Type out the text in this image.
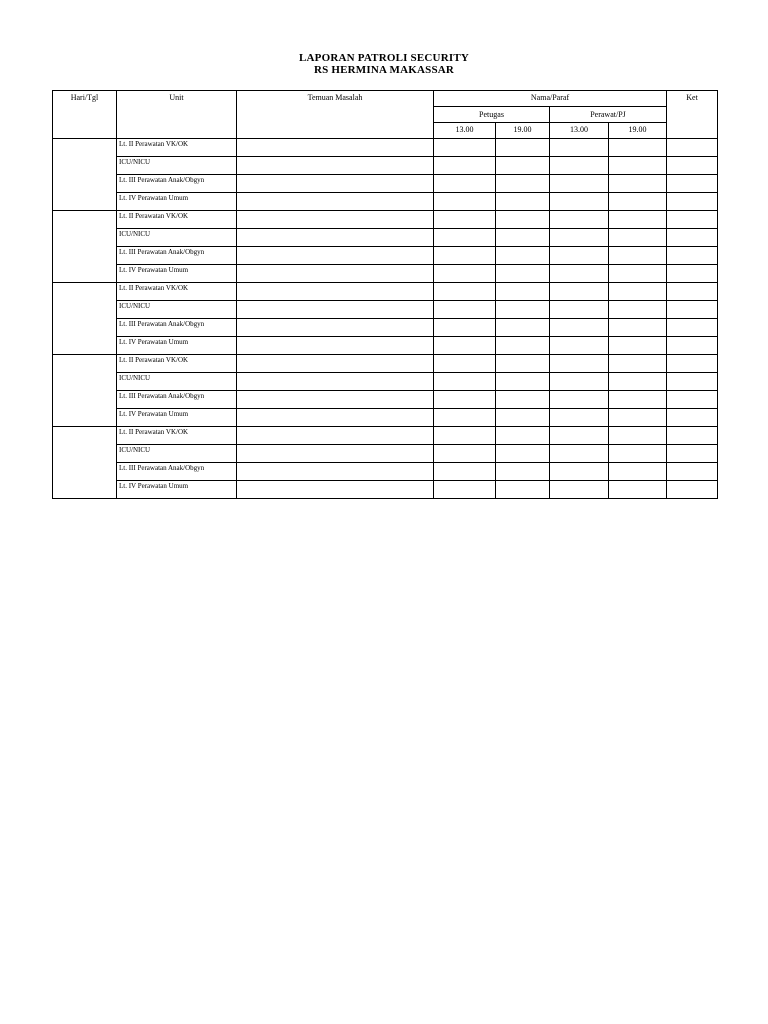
LAPORAN PATROLI SECURITY
RS HERMINA MAKASSAR
Hari/Tgl	Unit	Temuan Masalah	Nama/Paraf				Ket
			Petugas		Perawat/PJ		
			13.00	19.00	13.00	19.00	
	Lt. II Perawatan VK/OK						
	ICU/NICU						
	Lt. III Perawatan Anak/Obgyn						
	Lt. IV Perawatan Umum						
	Lt. II Perawatan VK/OK						
	ICU/NICU						
	Lt. III Perawatan Anak/Obgyn						
	Lt. IV Perawatan Umum						
	Lt. II Perawatan VK/OK						
	ICU/NICU						
	Lt. III Perawatan Anak/Obgyn						
	Lt. IV Perawatan Umum						
	Lt. II Perawatan VK/OK						
	ICU/NICU						
	Lt. III Perawatan Anak/Obgyn						
	Lt. IV Perawatan Umum						
	Lt. II Perawatan VK/OK						
	ICU/NICU						
	Lt. III Perawatan Anak/Obgyn						
	Lt. IV Perawatan Umum						
